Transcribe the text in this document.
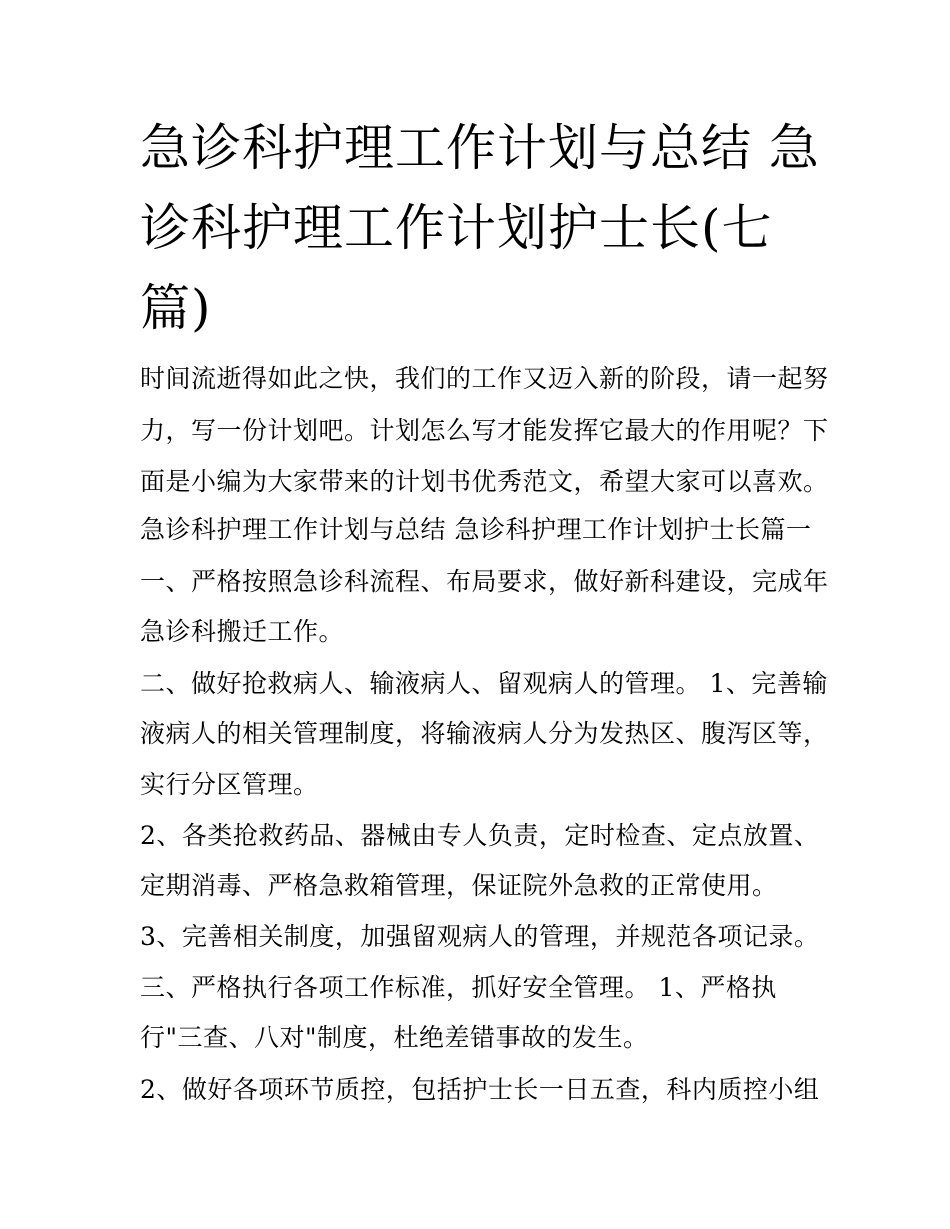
急诊科护理工作计划与总结 急诊科护理工作计划护士长(七篇)

时间流逝得如此之快，我们的工作又迈入新的阶段，请一起努

力，写一份计划吧。计划怎么写才能发挥它最大的作用呢？下

面是小编为大家带来的计划书优秀范文，希望大家可以喜欢。

急诊科护理工作计划与总结 急诊科护理工作计划护士长篇一

一、严格按照急诊科流程、布局要求，做好新科建设，完成年

急诊科搬迁工作。

二、做好抢救病人、输液病人、留观病人的管理。 1、完善输

液病人的相关管理制度，将输液病人分为发热区、腹泻区等，

实行分区管理。

2、各类抢救药品、器械由专人负责，定时检查、定点放置、

定期消毒、严格急救箱管理，保证院外急救的正常使用。

3、完善相关制度，加强留观病人的管理，并规范各项记录。

三、严格执行各项工作标准，抓好安全管理。 1、严格执

行"三查、八对"制度，杜绝差错事故的发生。

2、做好各项环节质控，包括护士长一日五查，科内质控小组
